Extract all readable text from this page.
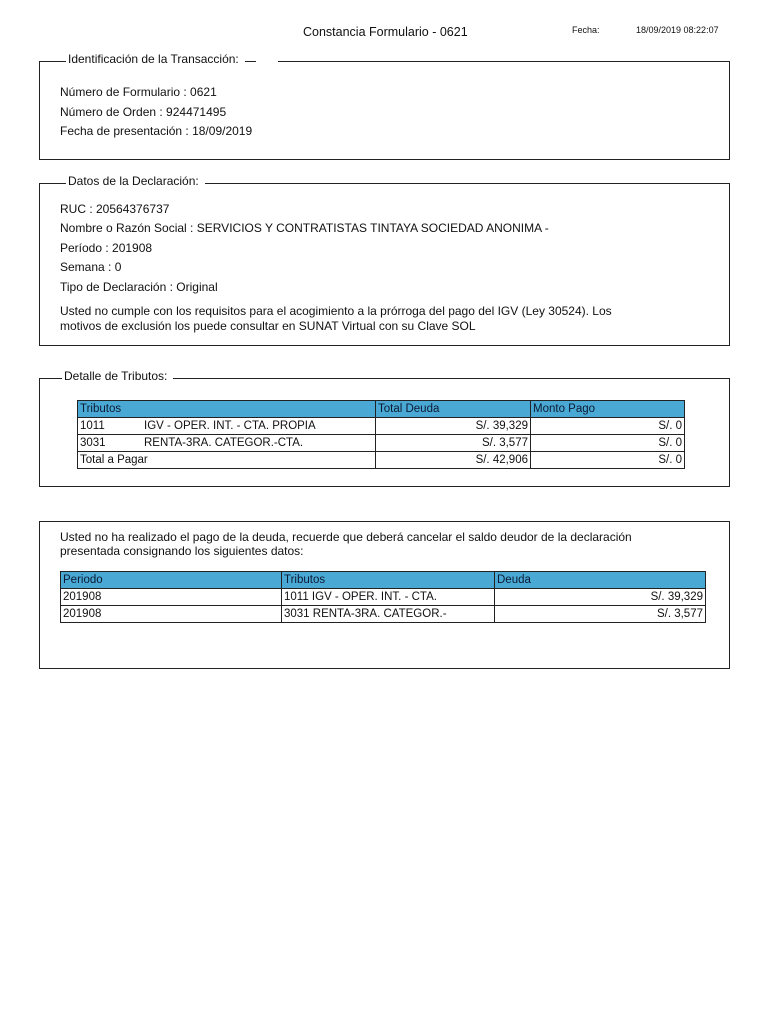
Constancia Formulario - 0621	Fecha:	18/09/2019 08:22:07
Identificación de la Transacción:
Número de Formulario : 0621
Número de Orden : 924471495
Fecha de presentación : 18/09/2019
Datos de la Declaración:
RUC : 20564376737
Nombre o Razón Social : SERVICIOS Y CONTRATISTAS TINTAYA SOCIEDAD ANONIMA -
Período : 201908
Semana : 0
Tipo de Declaración : Original
Usted no cumple con los requisitos para el acogimiento a la prórroga del pago del IGV (Ley 30524). Los
motivos de exclusión los puede consultar en SUNAT Virtual con su Clave SOL
Detalle de Tributos:
Tributos	Total Deuda	Monto Pago
1011 IGV - OPER. INT. - CTA. PROPIA	S/. 39,329	S/. 0
3031 RENTA-3RA. CATEGOR.-CTA.	S/. 3,577	S/. 0
Total a Pagar	S/. 42,906	S/. 0
Usted no ha realizado el pago de la deuda, recuerde que deberá cancelar el saldo deudor de la declaración
presentada consignando los siguientes datos:
Periodo	Tributos	Deuda
201908	1011 IGV - OPER. INT. - CTA.	S/. 39,329
201908	3031 RENTA-3RA. CATEGOR.-	S/. 3,577
